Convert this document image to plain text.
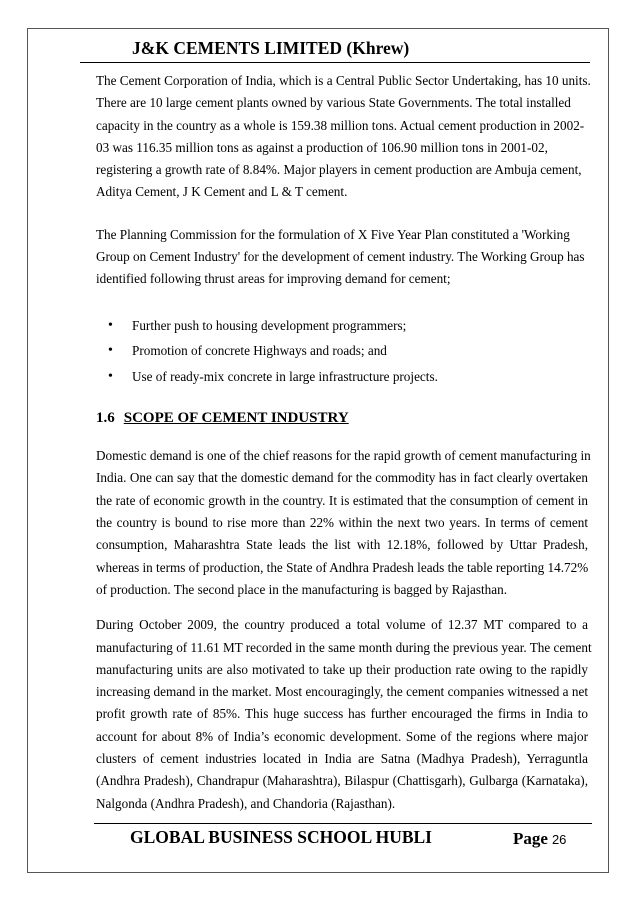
J&K CEMENTS LIMITED (Khrew)

The Cement Corporation of India, which is a Central Public Sector Undertaking, has 10 units.
There are 10 large cement plants owned by various State Governments. The total installed
capacity in the country as a whole is 159.38 million tons. Actual cement production in 2002-
03 was 116.35 million tons as against a production of 106.90 million tons in 2001-02,
registering a growth rate of 8.84%. Major players in cement production are Ambuja cement,
Aditya Cement, J K Cement and L & T cement.

The Planning Commission for the formulation of X Five Year Plan constituted a 'Working
Group on Cement Industry' for the development of cement industry. The Working Group has
identified following thrust areas for improving demand for cement;

• Further push to housing development programmers;
• Promotion of concrete Highways and roads; and
• Use of ready-mix concrete in large infrastructure projects.
1.6 SCOPE OF CEMENT INDUSTRY

Domestic demand is one of the chief reasons for the rapid growth of cement manufacturing in
India. One can say that the domestic demand for the commodity has in fact clearly overtaken
the rate of economic growth in the country. It is estimated that the consumption of cement in
the country is bound to rise more than 22% within the next two years. In terms of cement
consumption, Maharashtra State leads the list with 12.18%, followed by Uttar Pradesh,
whereas in terms of production, the State of Andhra Pradesh leads the table reporting 14.72%
of production. The second place in the manufacturing is bagged by Rajasthan.

During October 2009, the country produced a total volume of 12.37 MT compared to a
manufacturing of 11.61 MT recorded in the same month during the previous year. The cement
manufacturing units are also motivated to take up their production rate owing to the rapidly
increasing demand in the market. Most encouragingly, the cement companies witnessed a net
profit growth rate of 85%. This huge success has further encouraged the firms in India to
account for about 8% of India’s economic development. Some of the regions where major
clusters of cement industries located in India are Satna (Madhya Pradesh), Yerraguntla
(Andhra Pradesh), Chandrapur (Maharashtra), Bilaspur (Chattisgarh), Gulbarga (Karnataka),
Nalgonda (Andhra Pradesh), and Chandoria (Rajasthan).

GLOBAL BUSINESS SCHOOL HUBLI	Page 26
